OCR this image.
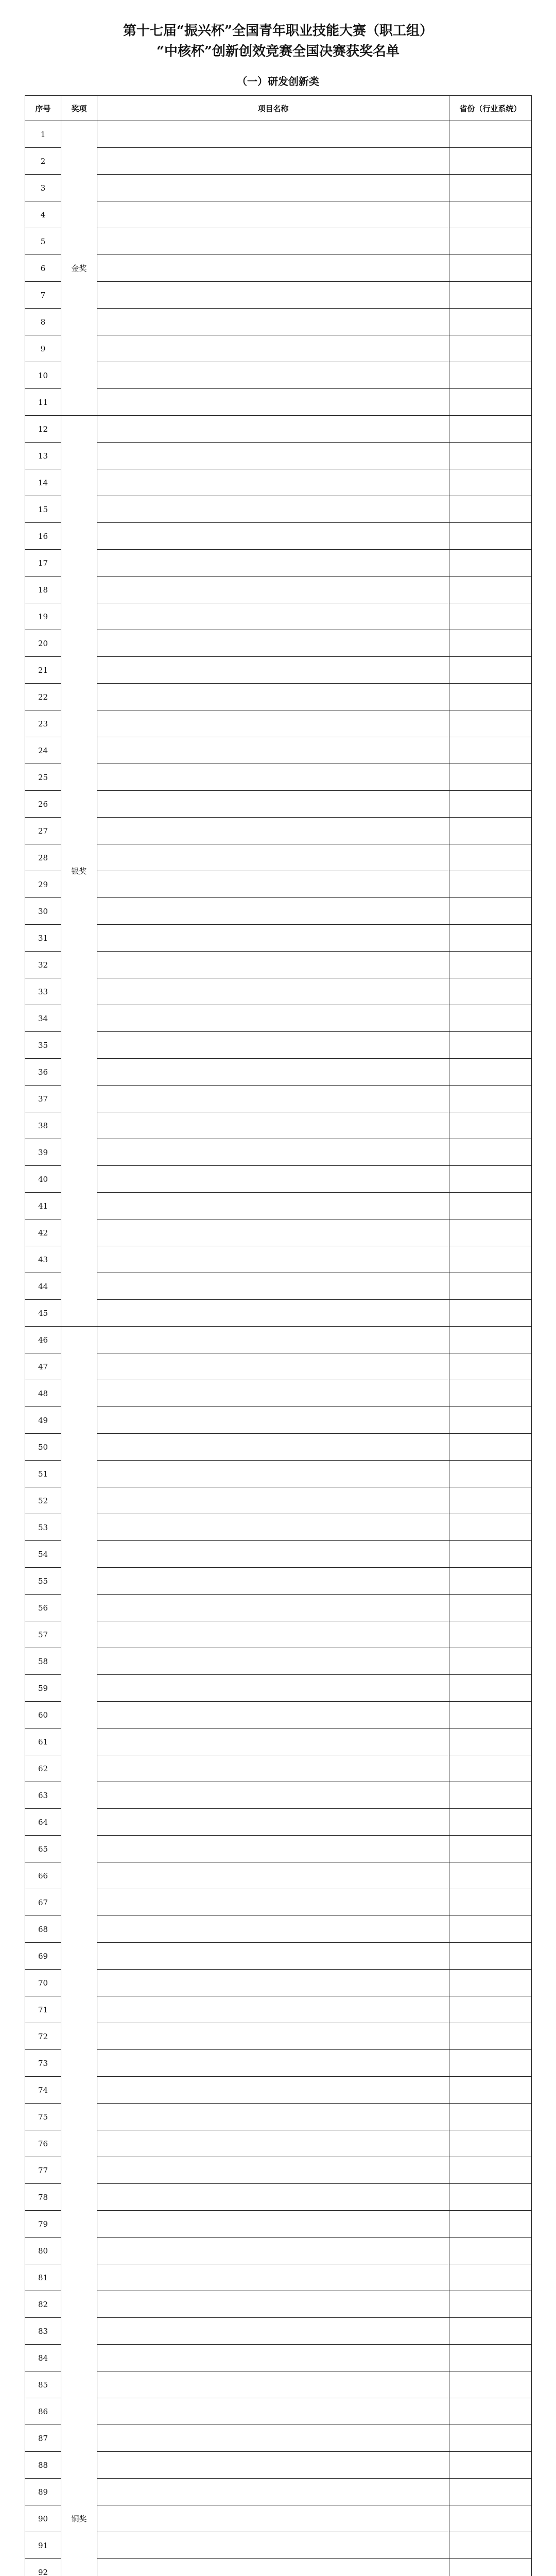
第十七届“振兴杯”全国青年职业技能大赛（职工组）
“中核杯”创新创效竞赛全国决赛获奖名单
（一）研发创新类
序号	奖项	项目名称	省份（行业系统）
1	金奖		
2			
3			
4			
5			
6			
7			
8			
9			
10			
11			
12	银奖		
13			
14			
15			
16			
17			
18			
19			
20			
21			
22			
23			
24			
25			
26			
27			
28			
29			
30			
31			
32			
33			
34			
35			
36			
37			
38			
39			
40			
41			
42			
43			
44			
45			
46	铜奖		
47			
48			
49			
50			
51			
52			
53			
54			
55			
56			
57			
58			
59			
60			
61			
62			
63			
64			
65			
66			
67			
68			
69			
70			
71			
72			
73			
74			
75			
76			
77			
78			
79			
80			
81			
82			
83			
84			
85			
86			
87			
88			
89			
90			
91			
92			
